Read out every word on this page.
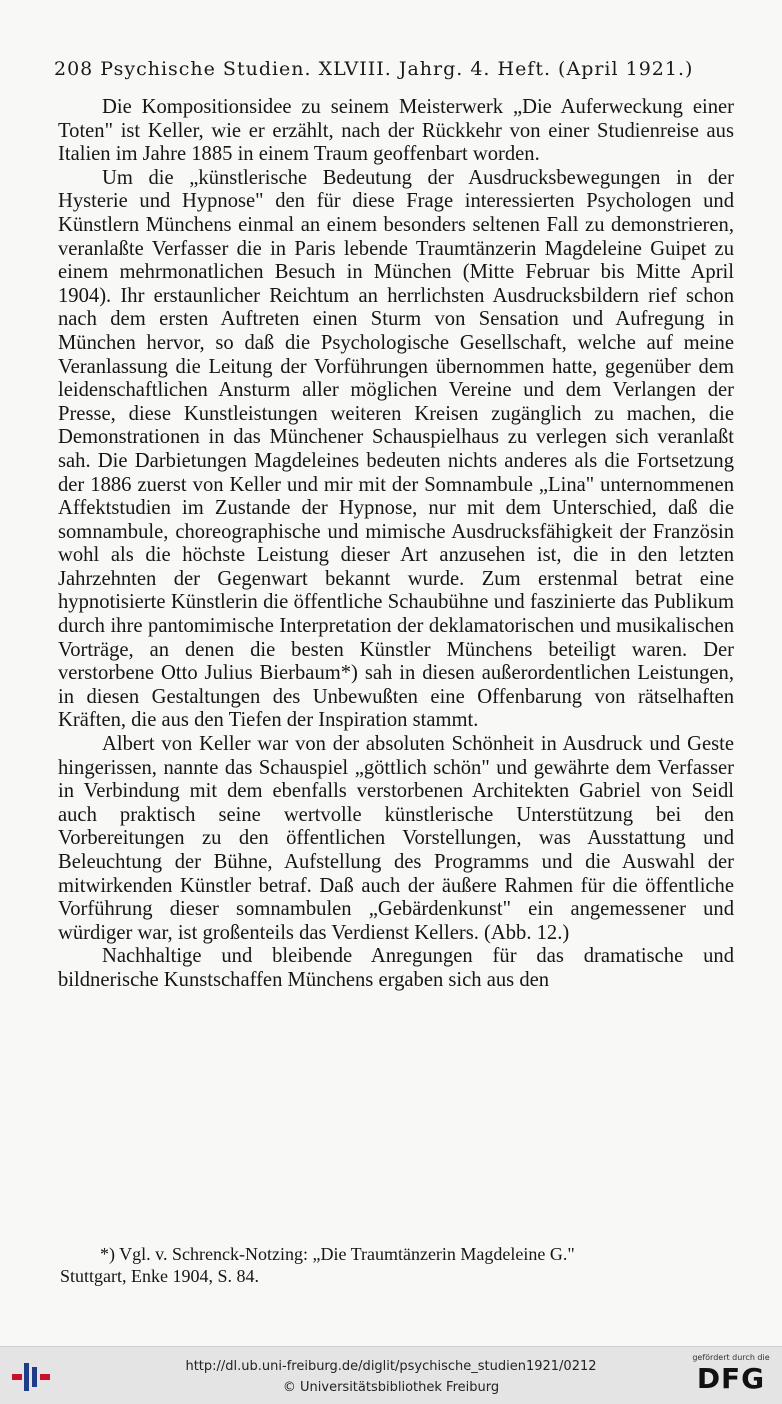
208 Psychische Studien. XLVIII. Jahrg. 4. Heft. (April 1921.)

Die Kompositionsidee zu seinem Meisterwerk „Die Auferweckung einer Toten" ist Keller, wie er erzählt, nach der Rückkehr von einer Studienreise aus Italien im Jahre 1885 in einem Traum geoffenbart worden.

Um die „künstlerische Bedeutung der Ausdrucksbewegungen in der Hysterie und Hypnose" den für diese Frage interessierten Psychologen und Künstlern Münchens einmal an einem besonders seltenen Fall zu demonstrieren, veranlaßte Verfasser die in Paris lebende Traumtänzerin Magdeleine Guipet zu einem mehrmonatlichen Besuch in München (Mitte Februar bis Mitte April 1904). Ihr erstaunlicher Reichtum an herrlichsten Ausdrucksbildern rief schon nach dem ersten Auftreten einen Sturm von Sensation und Aufregung in München hervor, so daß die Psychologische Gesellschaft, welche auf meine Veranlassung die Leitung der Vorführungen übernommen hatte, gegenüber dem leidenschaftlichen Ansturm aller möglichen Vereine und dem Verlangen der Presse, diese Kunstleistungen weiteren Kreisen zugänglich zu machen, die Demonstrationen in das Münchener Schauspielhaus zu verlegen sich veranlaßt sah. Die Darbietungen Magdeleines bedeuten nichts anderes als die Fortsetzung der 1886 zuerst von Keller und mir mit der Somnambule „Lina" unternommenen Affektstudien im Zustande der Hypnose, nur mit dem Unterschied, daß die somnambule, choreographische und mimische Ausdrucksfähigkeit der Französin wohl als die höchste Leistung dieser Art anzusehen ist, die in den letzten Jahrzehnten der Gegenwart bekannt wurde. Zum erstenmal betrat eine hypnotisierte Künstlerin die öffentliche Schaubühne und faszinierte das Publikum durch ihre pantomimische Interpretation der deklamatorischen und musikalischen Vorträge, an denen die besten Künstler Münchens beteiligt waren. Der verstorbene Otto Julius Bierbaum*) sah in diesen außerordentlichen Leistungen, in diesen Gestaltungen des Unbewußten eine Offenbarung von rätselhaften Kräften, die aus den Tiefen der Inspiration stammt.

Albert von Keller war von der absoluten Schönheit in Ausdruck und Geste hingerissen, nannte das Schauspiel „göttlich schön" und gewährte dem Verfasser in Verbindung mit dem ebenfalls verstorbenen Architekten Gabriel von Seidl auch praktisch seine wertvolle künstlerische Unterstützung bei den Vorbereitungen zu den öffentlichen Vorstellungen, was Ausstattung und Beleuchtung der Bühne, Aufstellung des Programms und die Auswahl der mitwirkenden Künstler betraf. Daß auch der äußere Rahmen für die öffentliche Vorführung dieser somnambulen „Gebärdenkunst" ein angemessener und würdiger war, ist großenteils das Verdienst Kellers. (Abb. 12.)

Nachhaltige und bleibende Anregungen für das dramatische und bildnerische Kunstschaffen Münchens ergaben sich aus den

*) Vgl. v. Schrenck-Notzing: „Die Traumtänzerin Magdeleine G."
Stuttgart, Enke 1904, S. 84.
http://dl.ub.uni-freiburg.de/diglit/psychische_studien1921/0212
© Universitätsbibliothek Freiburg
gefördert durch die
DFG
